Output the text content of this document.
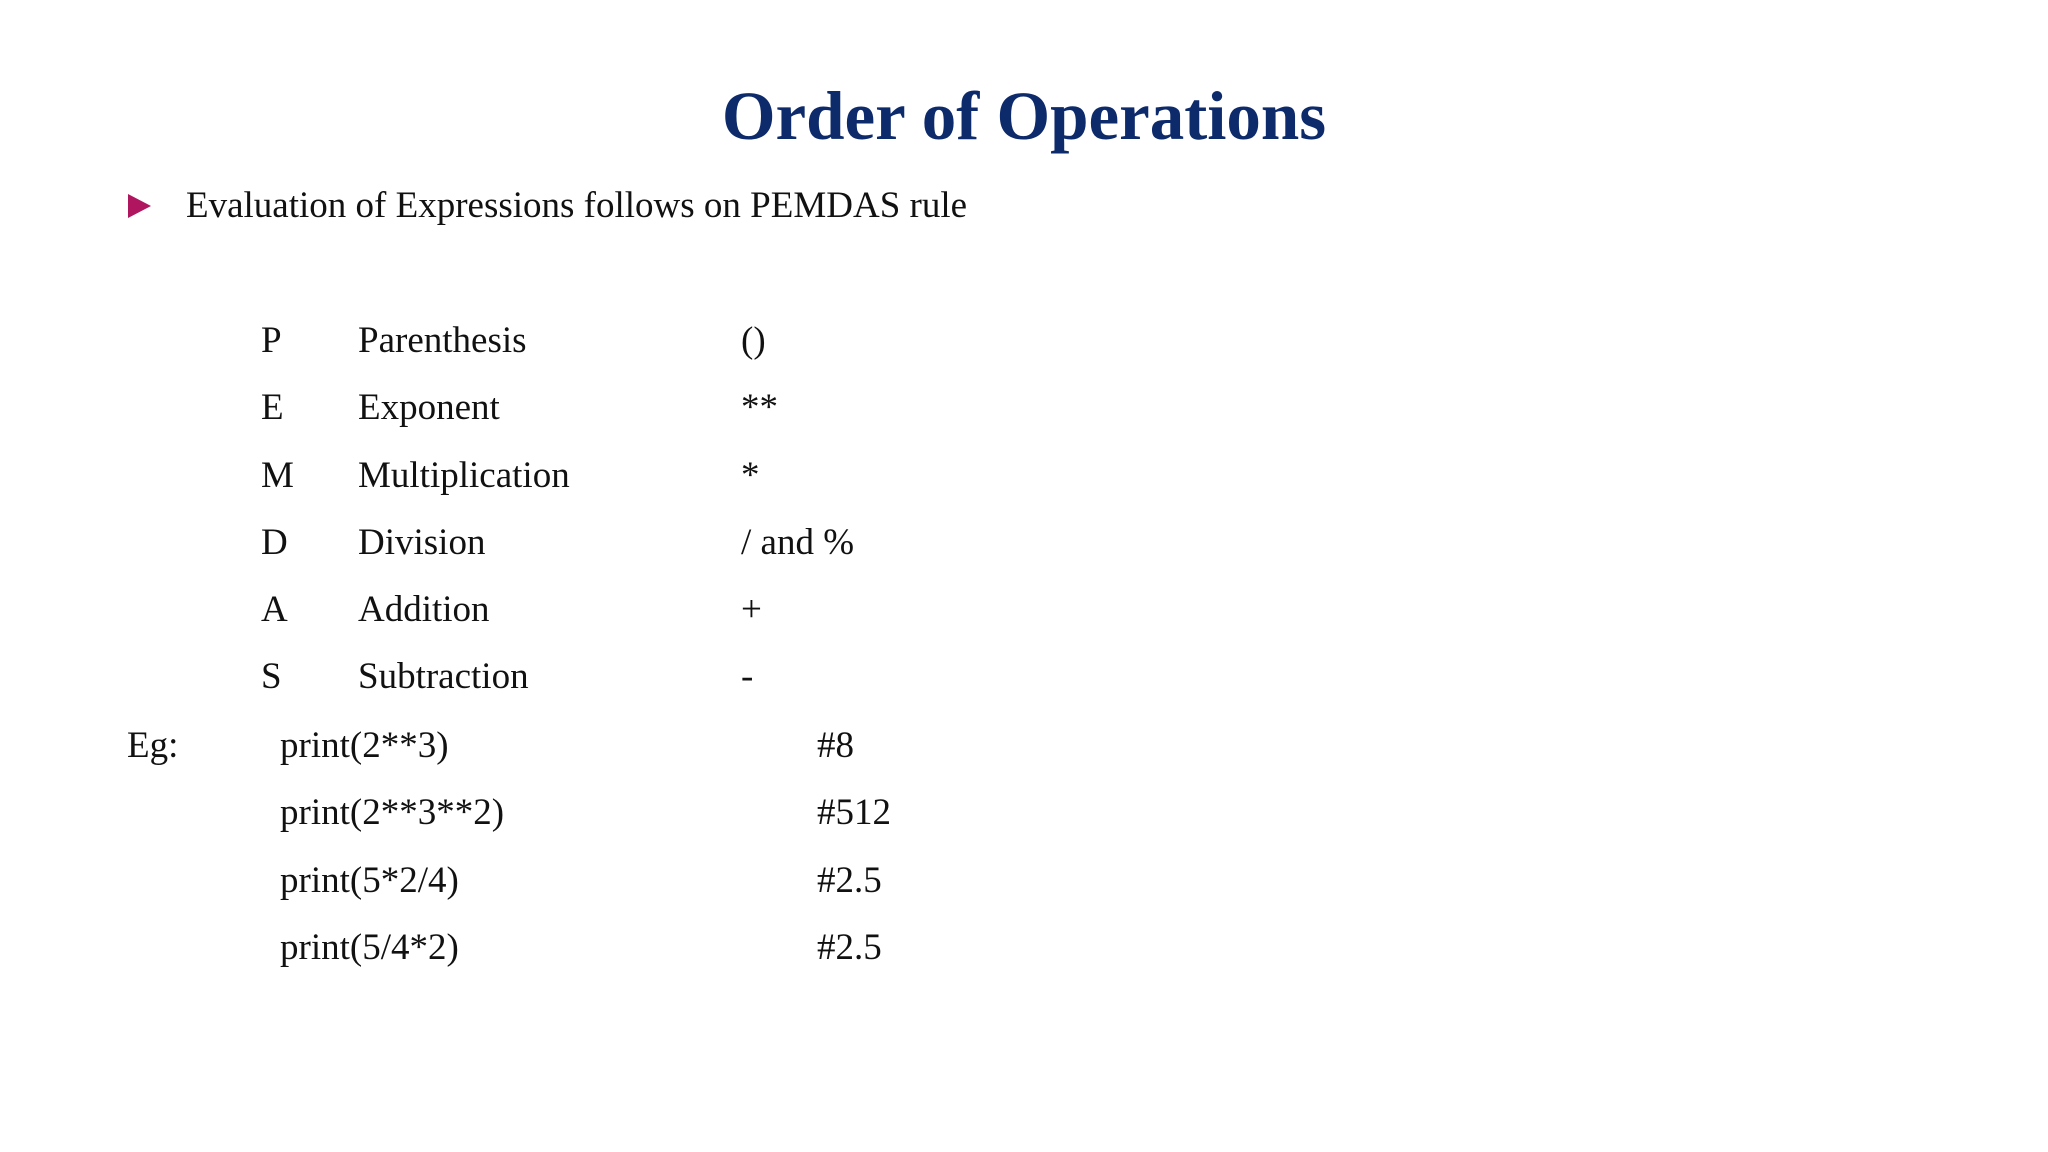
Order of Operations
Evaluation of Expressions follows on PEMDAS rule
P Parenthesis	()
E Exponent	**
M Multiplication	*
D Division	/ and %
A Addition	+
S Subtraction	-
Eg:	print(2**3)	#8
print(2**3**2)	#512
print(5*2/4)	#2.5
print(5/4*2)	#2.5
